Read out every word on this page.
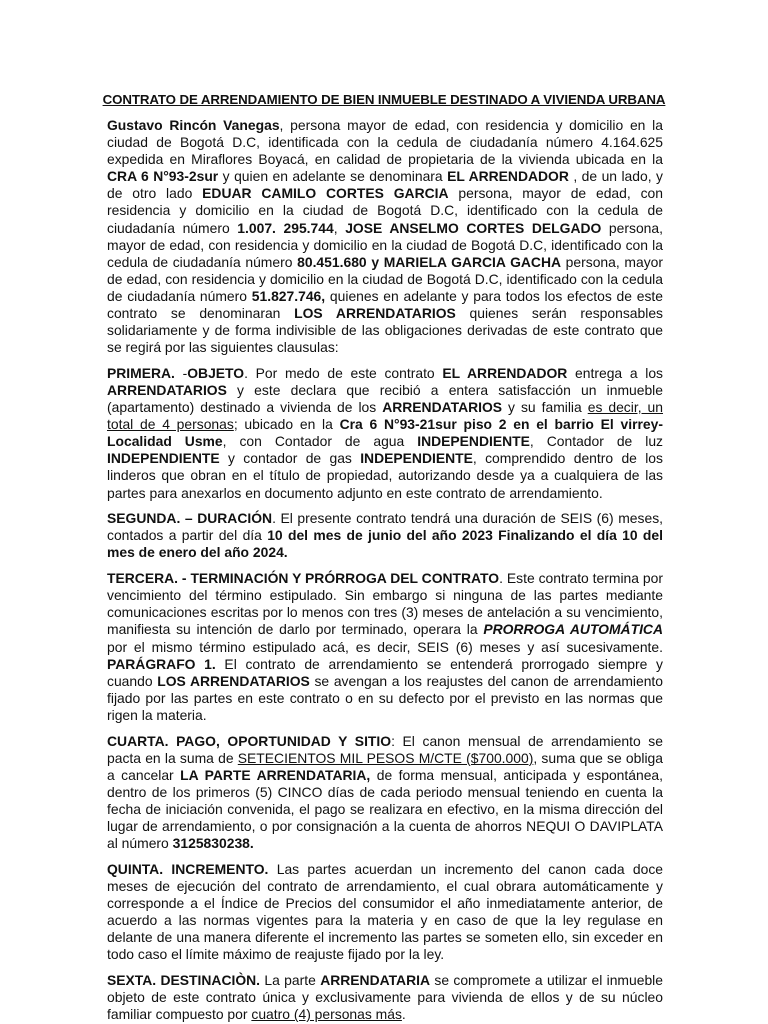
CONTRATO DE ARRENDAMIENTO DE BIEN INMUEBLE DESTINADO A VIVIENDA URBANA

Gustavo Rincón Vanegas, persona mayor de edad, con residencia y domicilio en la ciudad de Bogotá D.C, identificada con la cedula de ciudadanía número 4.164.625 expedida en Miraflores Boyacá, en calidad de propietaria de la vivienda ubicada en la CRA 6 N°93-2sur y quien en adelante se denominara EL ARRENDADOR , de un lado, y de otro lado EDUAR CAMILO CORTES GARCIA persona, mayor de edad, con residencia y domicilio en la ciudad de Bogotá D.C, identificado con la cedula de ciudadanía número 1.007. 295.744, JOSE ANSELMO CORTES DELGADO persona, mayor de edad, con residencia y domicilio en la ciudad de Bogotá D.C, identificado con la cedula de ciudadanía número 80.451.680 y MARIELA GARCIA GACHA persona, mayor de edad, con residencia y domicilio en la ciudad de Bogotá D.C, identificado con la cedula de ciudadanía número 51.827.746, quienes en adelante y para todos los efectos de este contrato se denominaran LOS ARRENDATARIOS quienes serán responsables solidariamente y de forma indivisible de las obligaciones derivadas de este contrato que se regirá por las siguientes clausulas:

PRIMERA. -OBJETO. Por medo de este contrato EL ARRENDADOR entrega a los ARRENDATARIOS y este declara que recibió a entera satisfacción un inmueble (apartamento) destinado a vivienda de los ARRENDATARIOS y su familia es decir, un total de 4 personas; ubicado en la Cra 6 N°93-21sur piso 2 en el barrio El virrey-Localidad Usme, con Contador de agua INDEPENDIENTE, Contador de luz INDEPENDIENTE y contador de gas INDEPENDIENTE, comprendido dentro de los linderos que obran en el título de propiedad, autorizando desde ya a cualquiera de las partes para anexarlos en documento adjunto en este contrato de arrendamiento.

SEGUNDA. – DURACIÓN. El presente contrato tendrá una duración de SEIS (6) meses, contados a partir del día 10 del mes de junio del año 2023 Finalizando el día 10 del mes de enero del año 2024.

TERCERA. - TERMINACIÓN Y PRÓRROGA DEL CONTRATO. Este contrato termina por vencimiento del término estipulado. Sin embargo si ninguna de las partes mediante comunicaciones escritas por lo menos con tres (3) meses de antelación a su vencimiento, manifiesta su intención de darlo por terminado, operara la PRORROGA AUTOMÁTICA por el mismo término estipulado acá, es decir, SEIS (6) meses y así sucesivamente. PARÁGRAFO 1. El contrato de arrendamiento se entenderá prorrogado siempre y cuando LOS ARRENDATARIOS se avengan a los reajustes del canon de arrendamiento fijado por las partes en este contrato o en su defecto por el previsto en las normas que rigen la materia.

CUARTA. PAGO, OPORTUNIDAD Y SITIO: El canon mensual de arrendamiento se pacta en la suma de SETECIENTOS MIL PESOS M/CTE ($700.000), suma que se obliga a cancelar LA PARTE ARRENDATARIA, de forma mensual, anticipada y espontánea, dentro de los primeros (5) CINCO días de cada periodo mensual teniendo en cuenta la fecha de iniciación convenida, el pago se realizara en efectivo, en la misma dirección del lugar de arrendamiento, o por consignación a la cuenta de ahorros NEQUI O DAVIPLATA al número 3125830238.

QUINTA. INCREMENTO. Las partes acuerdan un incremento del canon cada doce meses de ejecución del contrato de arrendamiento, el cual obrara automáticamente y corresponde a el Índice de Precios del consumidor el año inmediatamente anterior, de acuerdo a las normas vigentes para la materia y en caso de que la ley regulase en delante de una manera diferente el incremento las partes se someten ello, sin exceder en todo caso el límite máximo de reajuste fijado por la ley.

SEXTA. DESTINACIÒN. La parte ARRENDATARIA se compromete a utilizar el inmueble objeto de este contrato única y exclusivamente para vivienda de ellos y de su núcleo familiar compuesto por cuatro (4) personas más.
